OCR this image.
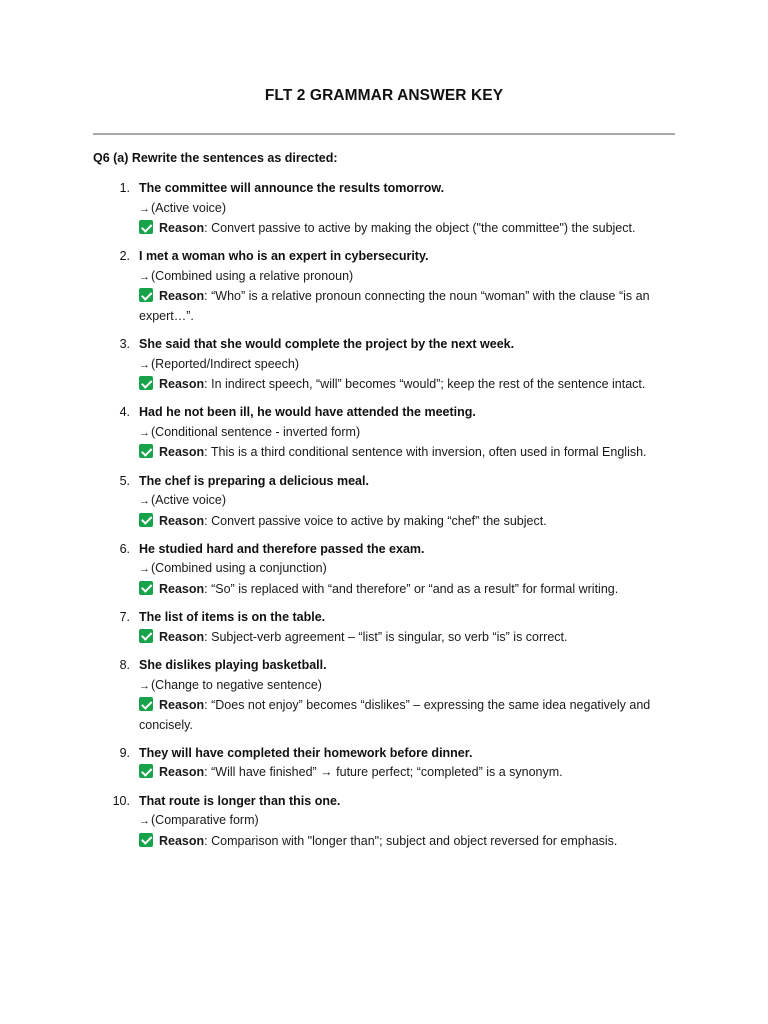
FLT 2 GRAMMAR ANSWER KEY
Q6 (a) Rewrite the sentences as directed:
1. The committee will announce the results tomorrow.
→(Active voice)
Reason: Convert passive to active by making the object ("the committee") the subject.
2. I met a woman who is an expert in cybersecurity.
→(Combined using a relative pronoun)
Reason: “Who” is a relative pronoun connecting the noun “woman” with the clause “is an expert…”.
3. She said that she would complete the project by the next week.
→(Reported/Indirect speech)
Reason: In indirect speech, “will” becomes “would”; keep the rest of the sentence intact.
4. Had he not been ill, he would have attended the meeting.
→(Conditional sentence - inverted form)
Reason: This is a third conditional sentence with inversion, often used in formal English.
5. The chef is preparing a delicious meal.
→(Active voice)
Reason: Convert passive voice to active by making “chef” the subject.
6. He studied hard and therefore passed the exam.
→(Combined using a conjunction)
Reason: “So” is replaced with “and therefore” or “and as a result” for formal writing.
7. The list of items is on the table.
Reason: Subject-verb agreement – “list” is singular, so verb “is” is correct.
8. She dislikes playing basketball.
→(Change to negative sentence)
Reason: “Does not enjoy” becomes “dislikes” – expressing the same idea negatively and concisely.
9. They will have completed their homework before dinner.
Reason: “Will have finished” → future perfect; “completed” is a synonym.
10. That route is longer than this one.
→(Comparative form)
Reason: Comparison with "longer than"; subject and object reversed for emphasis.
